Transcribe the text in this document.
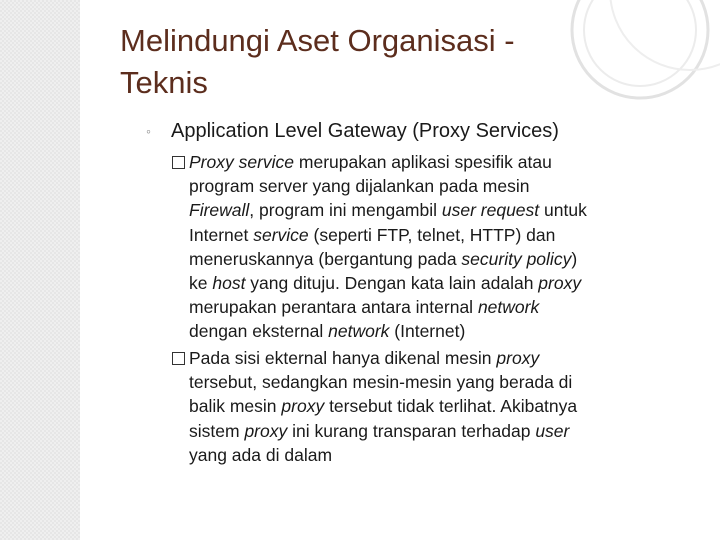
Melindungi Aset Organisasi -
Teknis
◦	Application Level Gateway (Proxy Services)
Proxy service merupakan aplikasi spesifik atau
program server yang dijalankan pada mesin
Firewall, program ini mengambil user request untuk
Internet service (seperti FTP, telnet, HTTP) dan
meneruskannya (bergantung pada security policy)
ke host yang dituju. Dengan kata lain adalah proxy
merupakan perantara antara internal network
dengan eksternal network (Internet)
Pada sisi ekternal hanya dikenal mesin proxy
tersebut, sedangkan mesin-mesin yang berada di
balik mesin proxy tersebut tidak terlihat. Akibatnya
sistem proxy ini kurang transparan terhadap user
yang ada di dalam
